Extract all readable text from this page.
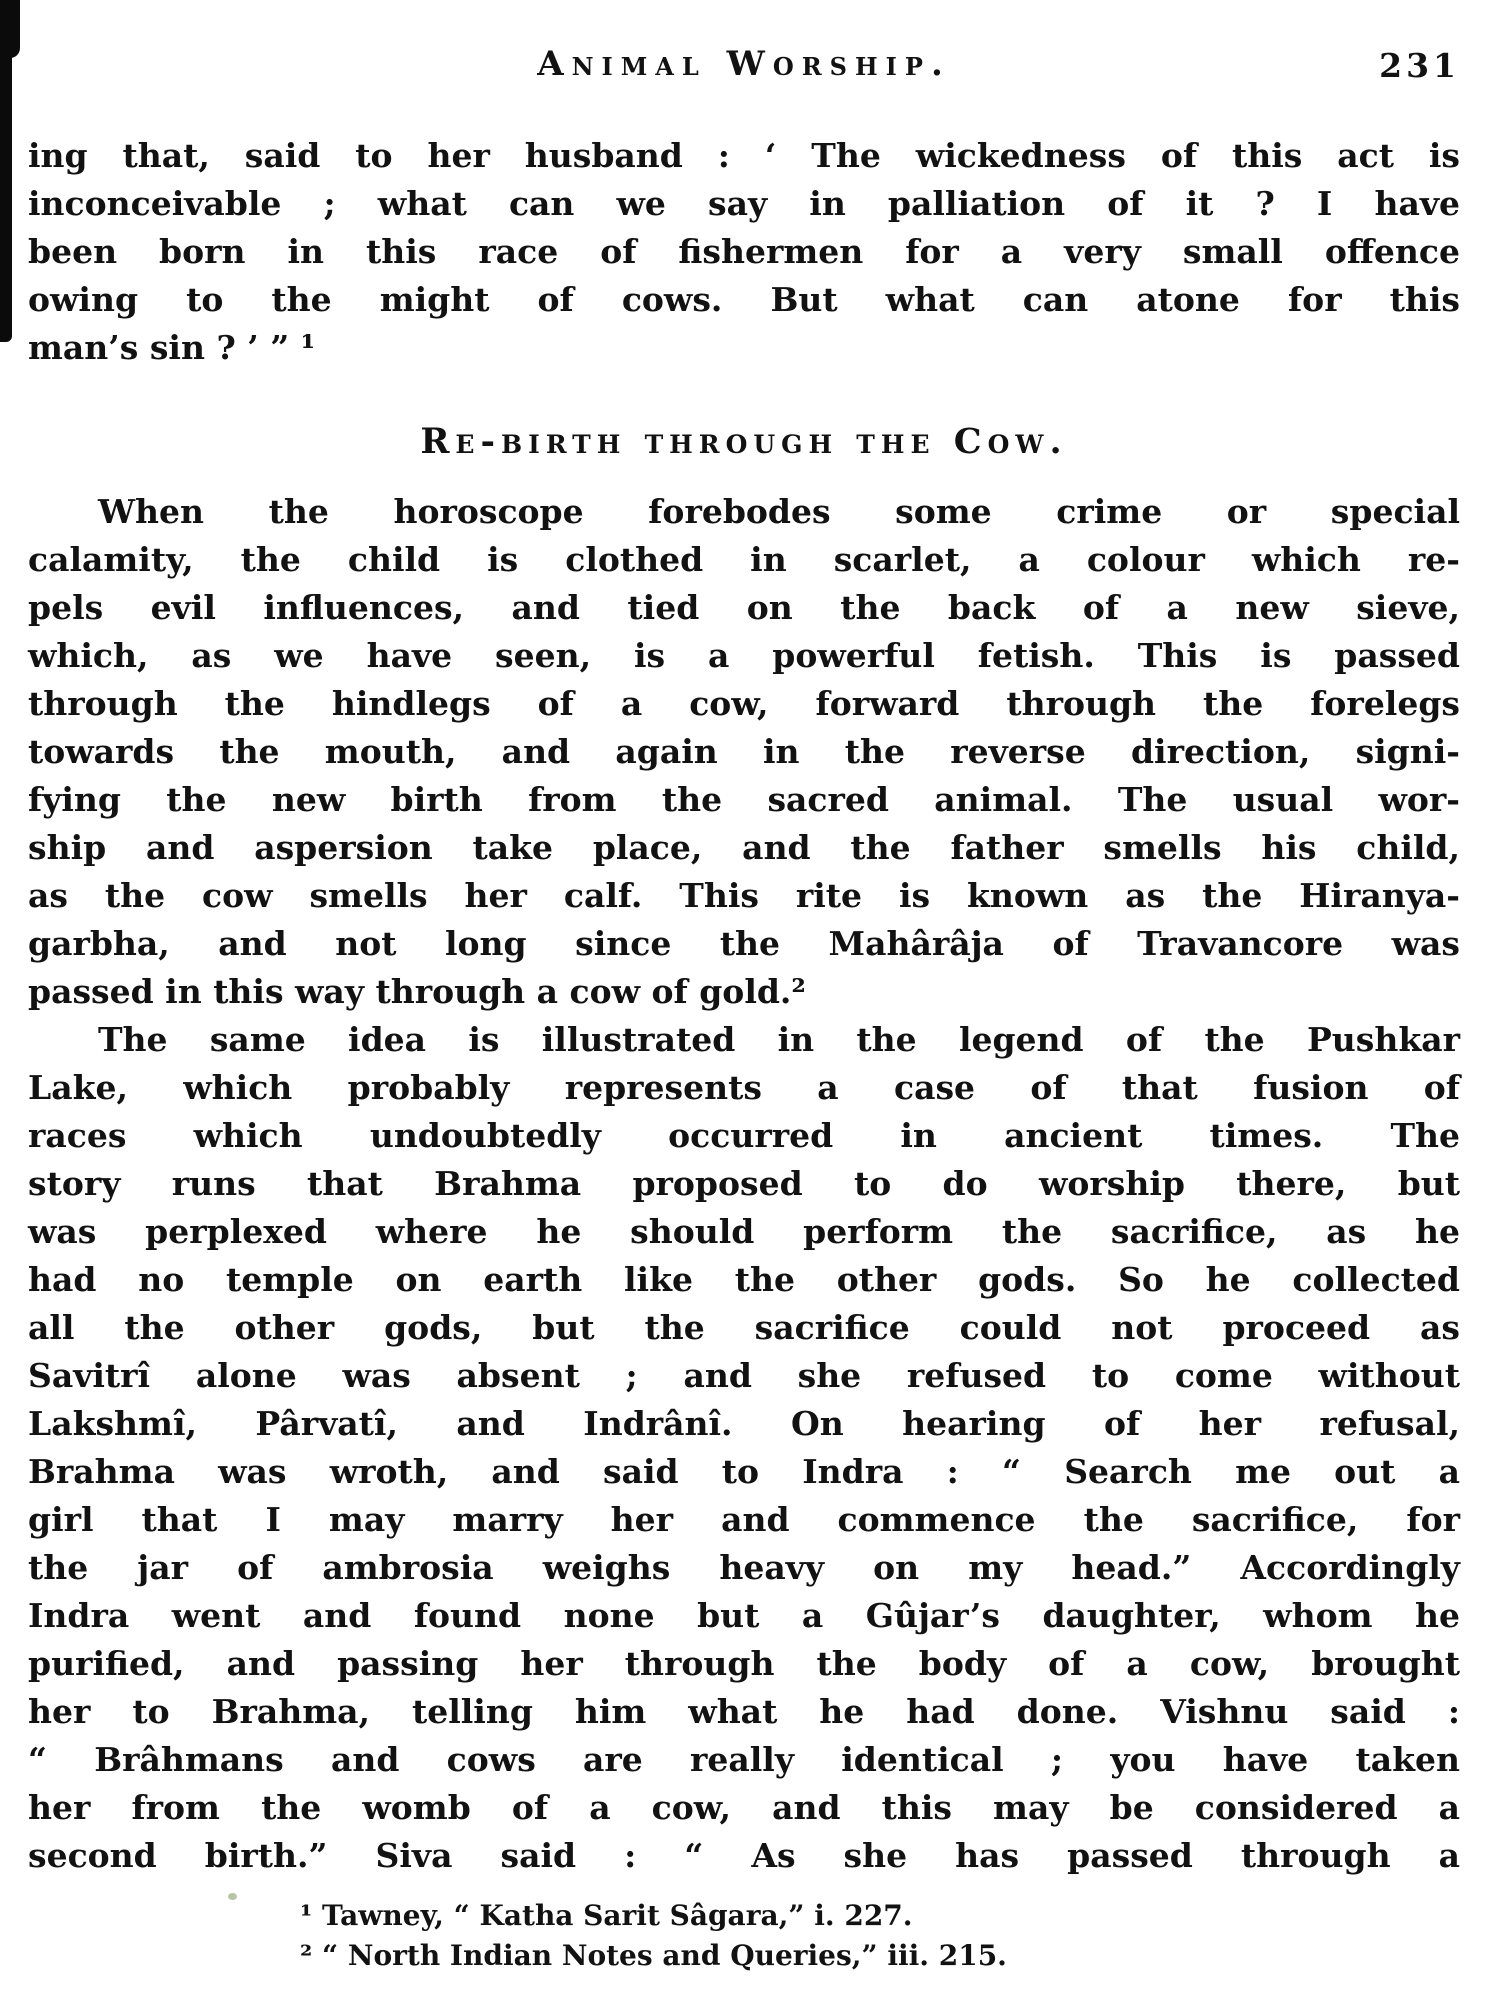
Animal Worship.	231
ing that, said to her husband : ‘ The wickedness of this act is
inconceivable ; what can we say in palliation of it ? I have
been born in this race of fishermen for a very small offence
owing to the might of cows. But what can atone for this
man’s sin ? ’ ” ¹
Re-birth through the Cow.
When the horoscope forebodes some crime or special
calamity, the child is clothed in scarlet, a colour which re-
pels evil influences, and tied on the back of a new sieve,
which, as we have seen, is a powerful fetish. This is passed
through the hindlegs of a cow, forward through the forelegs
towards the mouth, and again in the reverse direction, signi-
fying the new birth from the sacred animal. The usual wor-
ship and aspersion take place, and the father smells his child,
as the cow smells her calf. This rite is known as the Hiranya-
garbha, and not long since the Mahârâja of Travancore was
passed in this way through a cow of gold.²
The same idea is illustrated in the legend of the Pushkar
Lake, which probably represents a case of that fusion of
races which undoubtedly occurred in ancient times. The
story runs that Brahma proposed to do worship there, but
was perplexed where he should perform the sacrifice, as he
had no temple on earth like the other gods. So he collected
all the other gods, but the sacrifice could not proceed as
Savitrî alone was absent ; and she refused to come without
Lakshmî, Pârvatî, and Indrânî. On hearing of her refusal,
Brahma was wroth, and said to Indra : “ Search me out a
girl that I may marry her and commence the sacrifice, for
the jar of ambrosia weighs heavy on my head.” Accordingly
Indra went and found none but a Gûjar’s daughter, whom he
purified, and passing her through the body of a cow, brought
her to Brahma, telling him what he had done. Vishnu said :
“ Brâhmans and cows are really identical ; you have taken
her from the womb of a cow, and this may be considered a
second birth.” Siva said : “ As she has passed through a
¹ Tawney, “ Katha Sarit Sâgara,” i. 227.
² “ North Indian Notes and Queries,” iii. 215.
